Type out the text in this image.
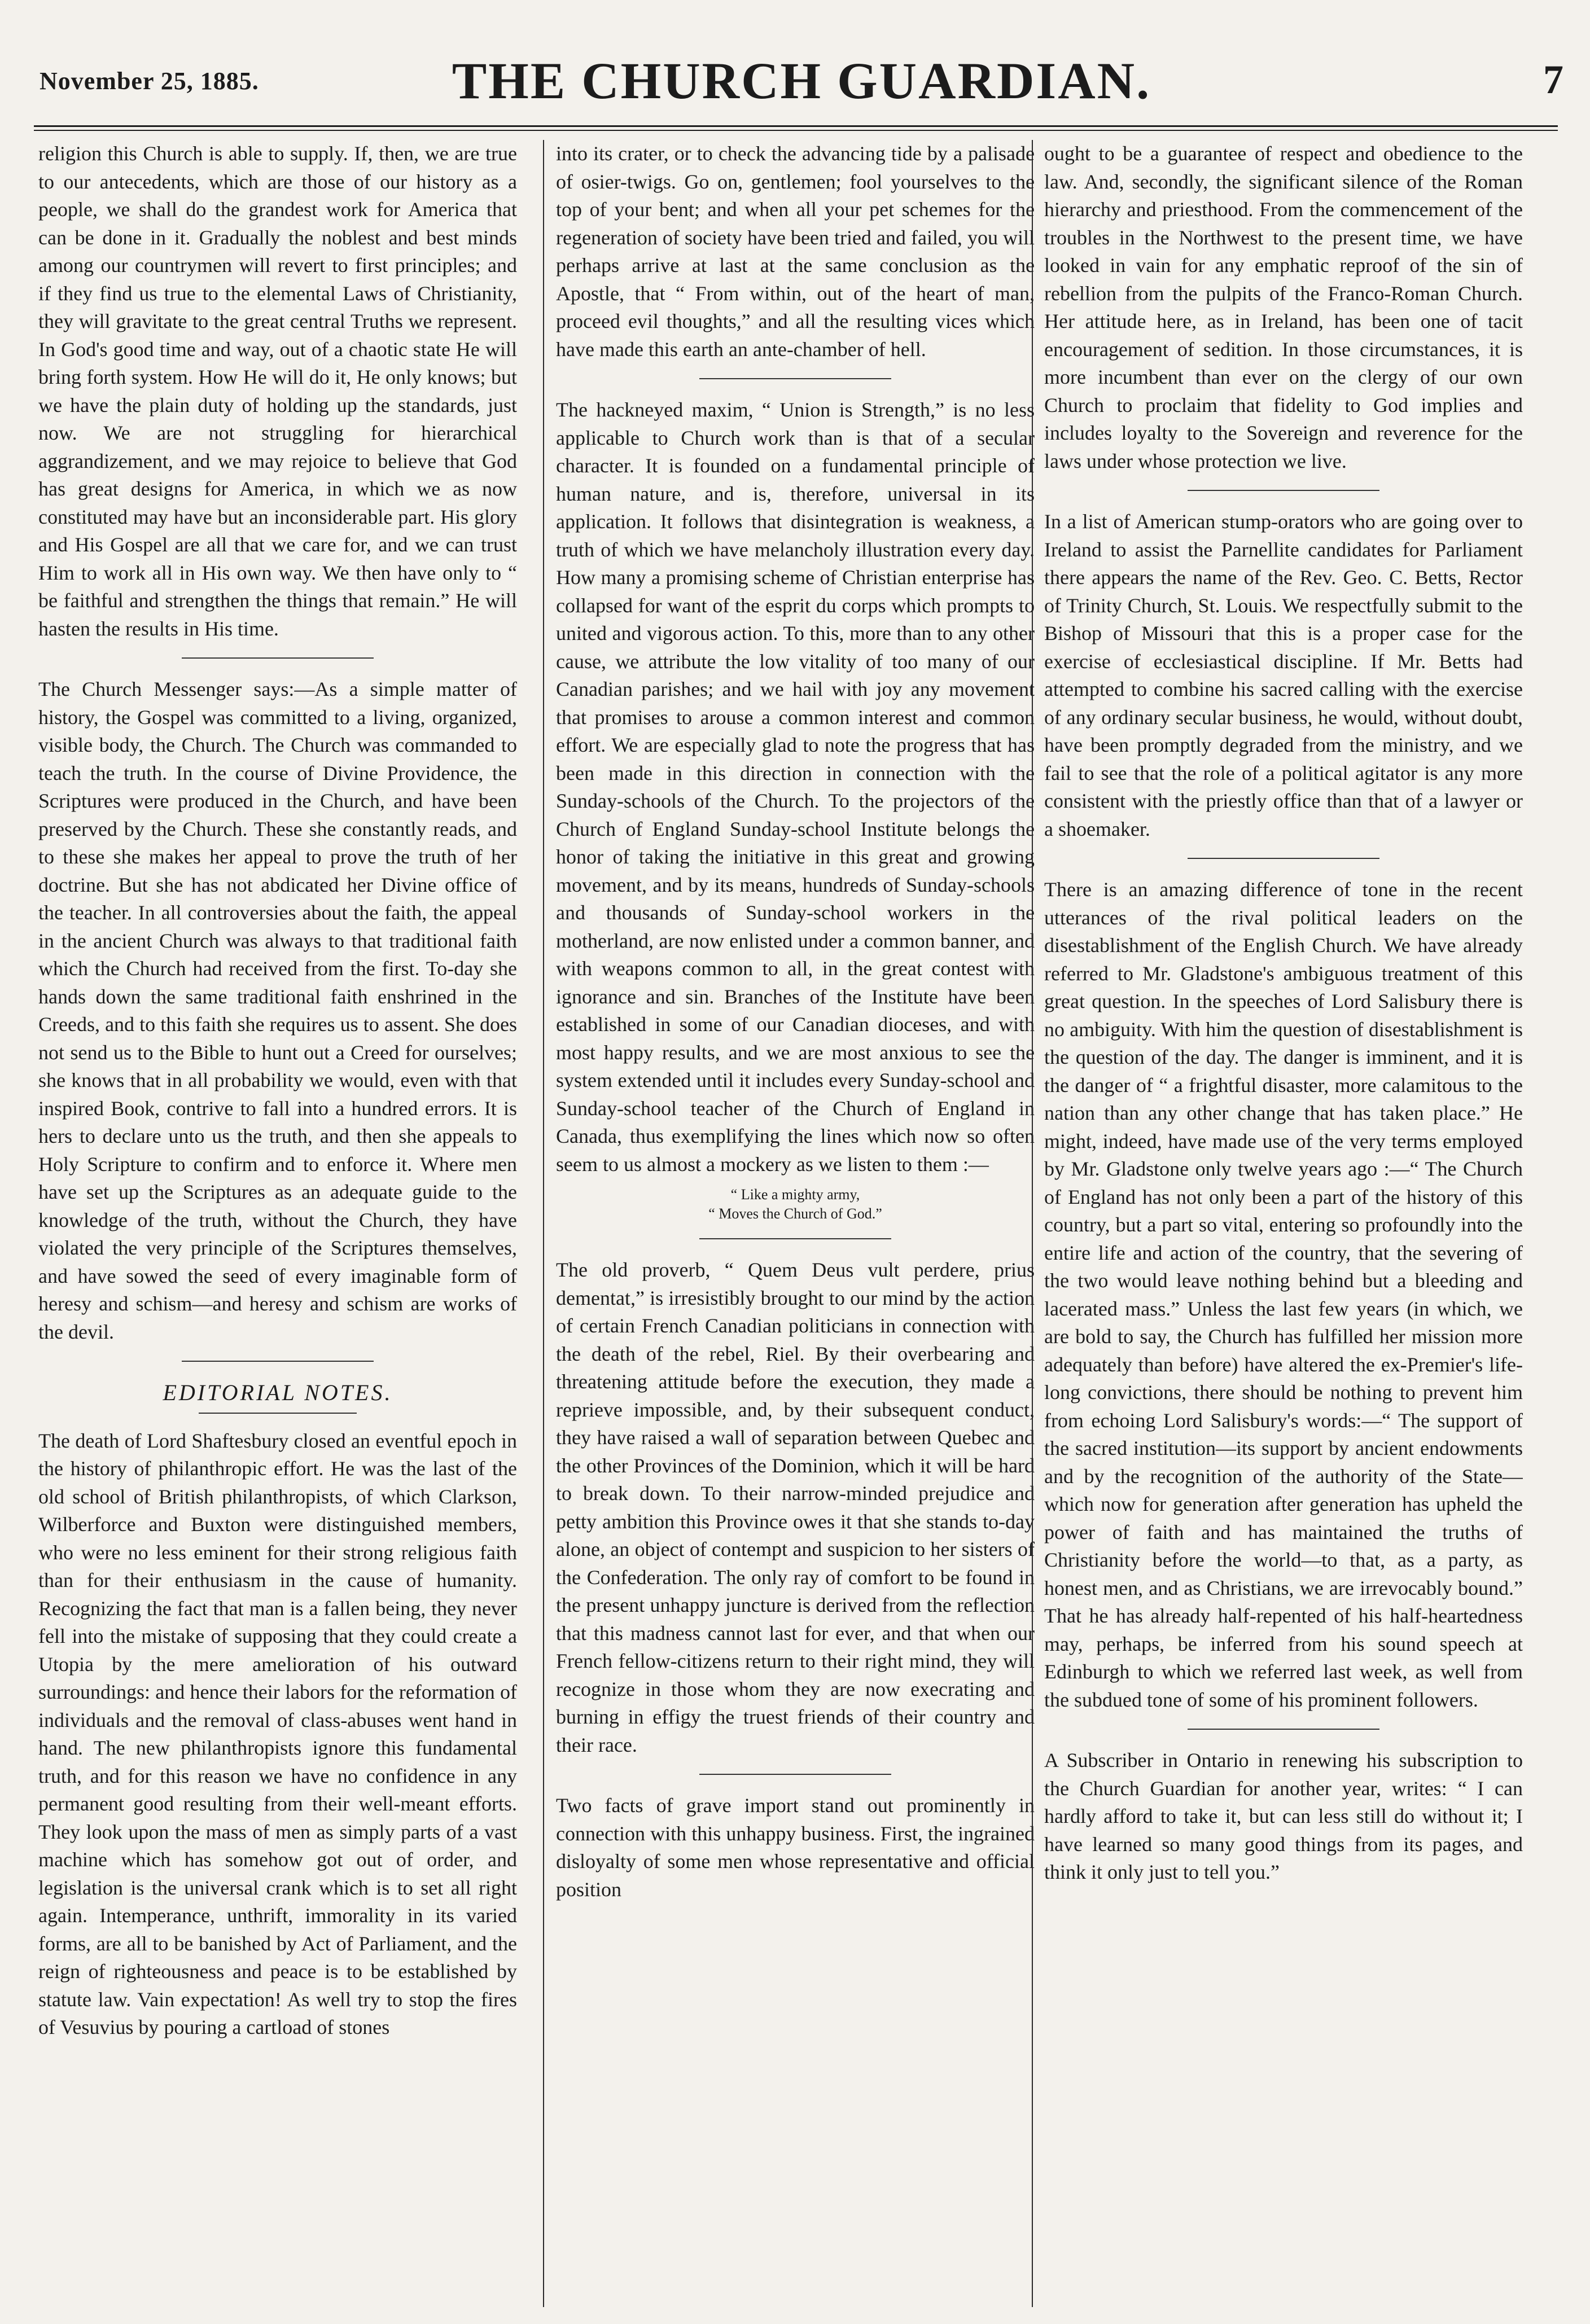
November 25, 1885.	THE CHURCH GUARDIAN.	7

religion this Church is able to supply. If, then, we are true to our antecedents, which are those of our history as a people, we shall do the grandest work for America that can be done in it. Gradually the noblest and best minds among our countrymen will revert to first principles; and if they find us true to the elemental Laws of Christianity, they will gravitate to the great central Truths we represent. In God's good time and way, out of a chaotic state He will bring forth system. How He will do it, He only knows; but we have the plain duty of holding up the standards, just now. We are not struggling for hierarchical aggrandizement, and we may rejoice to believe that God has great designs for America, in which we as now constituted may have but an inconsiderable part. His glory and His Gospel are all that we care for, and we can trust Him to work all in His own way. We then have only to “ be faithful and strengthen the things that remain.” He will hasten the results in His time.

The Church Messenger says:—As a simple matter of history, the Gospel was committed to a living, organized, visible body, the Church. The Church was commanded to teach the truth. In the course of Divine Providence, the Scriptures were produced in the Church, and have been preserved by the Church. These she constantly reads, and to these she makes her appeal to prove the truth of her doctrine. But she has not abdicated her Divine office of the teacher. In all controversies about the faith, the appeal in the ancient Church was always to that traditional faith which the Church had received from the first. To-day she hands down the same traditional faith enshrined in the Creeds, and to this faith she requires us to assent. She does not send us to the Bible to hunt out a Creed for ourselves; she knows that in all probability we would, even with that inspired Book, contrive to fall into a hundred errors. It is hers to declare unto us the truth, and then she appeals to Holy Scripture to confirm and to enforce it. Where men have set up the Scriptures as an adequate guide to the knowledge of the truth, without the Church, they have violated the very principle of the Scriptures themselves, and have sowed the seed of every imaginable form of heresy and schism—and heresy and schism are works of the devil.

EDITORIAL NOTES.

The death of Lord Shaftesbury closed an eventful epoch in the history of philanthropic effort. He was the last of the old school of British philanthropists, of which Clarkson, Wilberforce and Buxton were distinguished members, who were no less eminent for their strong religious faith than for their enthusiasm in the cause of humanity. Recognizing the fact that man is a fallen being, they never fell into the mistake of supposing that they could create a Utopia by the mere amelioration of his outward surroundings: and hence their labors for the reformation of individuals and the removal of class-abuses went hand in hand. The new philanthropists ignore this fundamental truth, and for this reason we have no confidence in any permanent good resulting from their well-meant efforts. They look upon the mass of men as simply parts of a vast machine which has somehow got out of order, and legislation is the universal crank which is to set all right again. Intemperance, unthrift, immorality in its varied forms, are all to be banished by Act of Parliament, and the reign of righteousness and peace is to be established by statute law. Vain expectation! As well try to stop the fires of Vesuvius by pouring a cartload of stones

into its crater, or to check the advancing tide by a palisade of osier-twigs. Go on, gentlemen; fool yourselves to the top of your bent; and when all your pet schemes for the regeneration of society have been tried and failed, you will perhaps arrive at last at the same conclusion as the Apostle, that “ From within, out of the heart of man, proceed evil thoughts,” and all the resulting vices which have made this earth an ante-chamber of hell.

The hackneyed maxim, “ Union is Strength,” is no less applicable to Church work than is that of a secular character. It is founded on a fundamental principle of human nature, and is, therefore, universal in its application. It follows that disintegration is weakness, a truth of which we have melancholy illustration every day. How many a promising scheme of Christian enterprise has collapsed for want of the esprit du corps which prompts to united and vigorous action. To this, more than to any other cause, we attribute the low vitality of too many of our Canadian parishes; and we hail with joy any movement that promises to arouse a common interest and common effort. We are especially glad to note the progress that has been made in this direction in connection with the Sunday-schools of the Church. To the projectors of the Church of England Sunday-school Institute belongs the honor of taking the initiative in this great and growing movement, and by its means, hundreds of Sunday-schools and thousands of Sunday-school workers in the motherland, are now enlisted under a common banner, and with weapons common to all, in the great contest with ignorance and sin. Branches of the Institute have been established in some of our Canadian dioceses, and with most happy results, and we are most anxious to see the system extended until it includes every Sunday-school and Sunday-school teacher of the Church of England in Canada, thus exemplifying the lines which now so often seem to us almost a mockery as we listen to them :—

“ Like a mighty army,
“ Moves the Church of God.”

The old proverb, “ Quem Deus vult perdere, prius dementat,” is irresistibly brought to our mind by the action of certain French Canadian politicians in connection with the death of the rebel, Riel. By their overbearing and threatening attitude before the execution, they made a reprieve impossible, and, by their subsequent conduct, they have raised a wall of separation between Quebec and the other Provinces of the Dominion, which it will be hard to break down. To their narrow-minded prejudice and petty ambition this Province owes it that she stands to-day alone, an object of contempt and suspicion to her sisters of the Confederation. The only ray of comfort to be found in the present unhappy juncture is derived from the reflection that this madness cannot last for ever, and that when our French fellow-citizens return to their right mind, they will recognize in those whom they are now execrating and burning in effigy the truest friends of their country and their race.

Two facts of grave import stand out prominently in connection with this unhappy business. First, the ingrained disloyalty of some men whose representative and official position

ought to be a guarantee of respect and obedience to the law. And, secondly, the significant silence of the Roman hierarchy and priesthood. From the commencement of the troubles in the Northwest to the present time, we have looked in vain for any emphatic reproof of the sin of rebellion from the pulpits of the Franco-Roman Church. Her attitude here, as in Ireland, has been one of tacit encouragement of sedition. In those circumstances, it is more incumbent than ever on the clergy of our own Church to proclaim that fidelity to God implies and includes loyalty to the Sovereign and reverence for the laws under whose protection we live.

In a list of American stump-orators who are going over to Ireland to assist the Parnellite candidates for Parliament there appears the name of the Rev. Geo. C. Betts, Rector of Trinity Church, St. Louis. We respectfully submit to the Bishop of Missouri that this is a proper case for the exercise of ecclesiastical discipline. If Mr. Betts had attempted to combine his sacred calling with the exercise of any ordinary secular business, he would, without doubt, have been promptly degraded from the ministry, and we fail to see that the role of a political agitator is any more consistent with the priestly office than that of a lawyer or a shoemaker.

There is an amazing difference of tone in the recent utterances of the rival political leaders on the disestablishment of the English Church. We have already referred to Mr. Gladstone's ambiguous treatment of this great question. In the speeches of Lord Salisbury there is no ambiguity. With him the question of disestablishment is the question of the day. The danger is imminent, and it is the danger of “ a frightful disaster, more calamitous to the nation than any other change that has taken place.” He might, indeed, have made use of the very terms employed by Mr. Gladstone only twelve years ago :—“ The Church of England has not only been a part of the history of this country, but a part so vital, entering so profoundly into the entire life and action of the country, that the severing of the two would leave nothing behind but a bleeding and lacerated mass.” Unless the last few years (in which, we are bold to say, the Church has fulfilled her mission more adequately than before) have altered the ex-Premier's life-long convictions, there should be nothing to prevent him from echoing Lord Salisbury's words:—“ The support of the sacred institution—its support by ancient endowments and by the recognition of the authority of the State—which now for generation after generation has upheld the power of faith and has maintained the truths of Christianity before the world—to that, as a party, as honest men, and as Christians, we are irrevocably bound.” That he has already half-repented of his half-heartedness may, perhaps, be inferred from his sound speech at Edinburgh to which we referred last week, as well from the subdued tone of some of his prominent followers.

A Subscriber in Ontario in renewing his subscription to the Church Guardian for another year, writes: “ I can hardly afford to take it, but can less still do without it; I have learned so many good things from its pages, and think it only just to tell you.”
